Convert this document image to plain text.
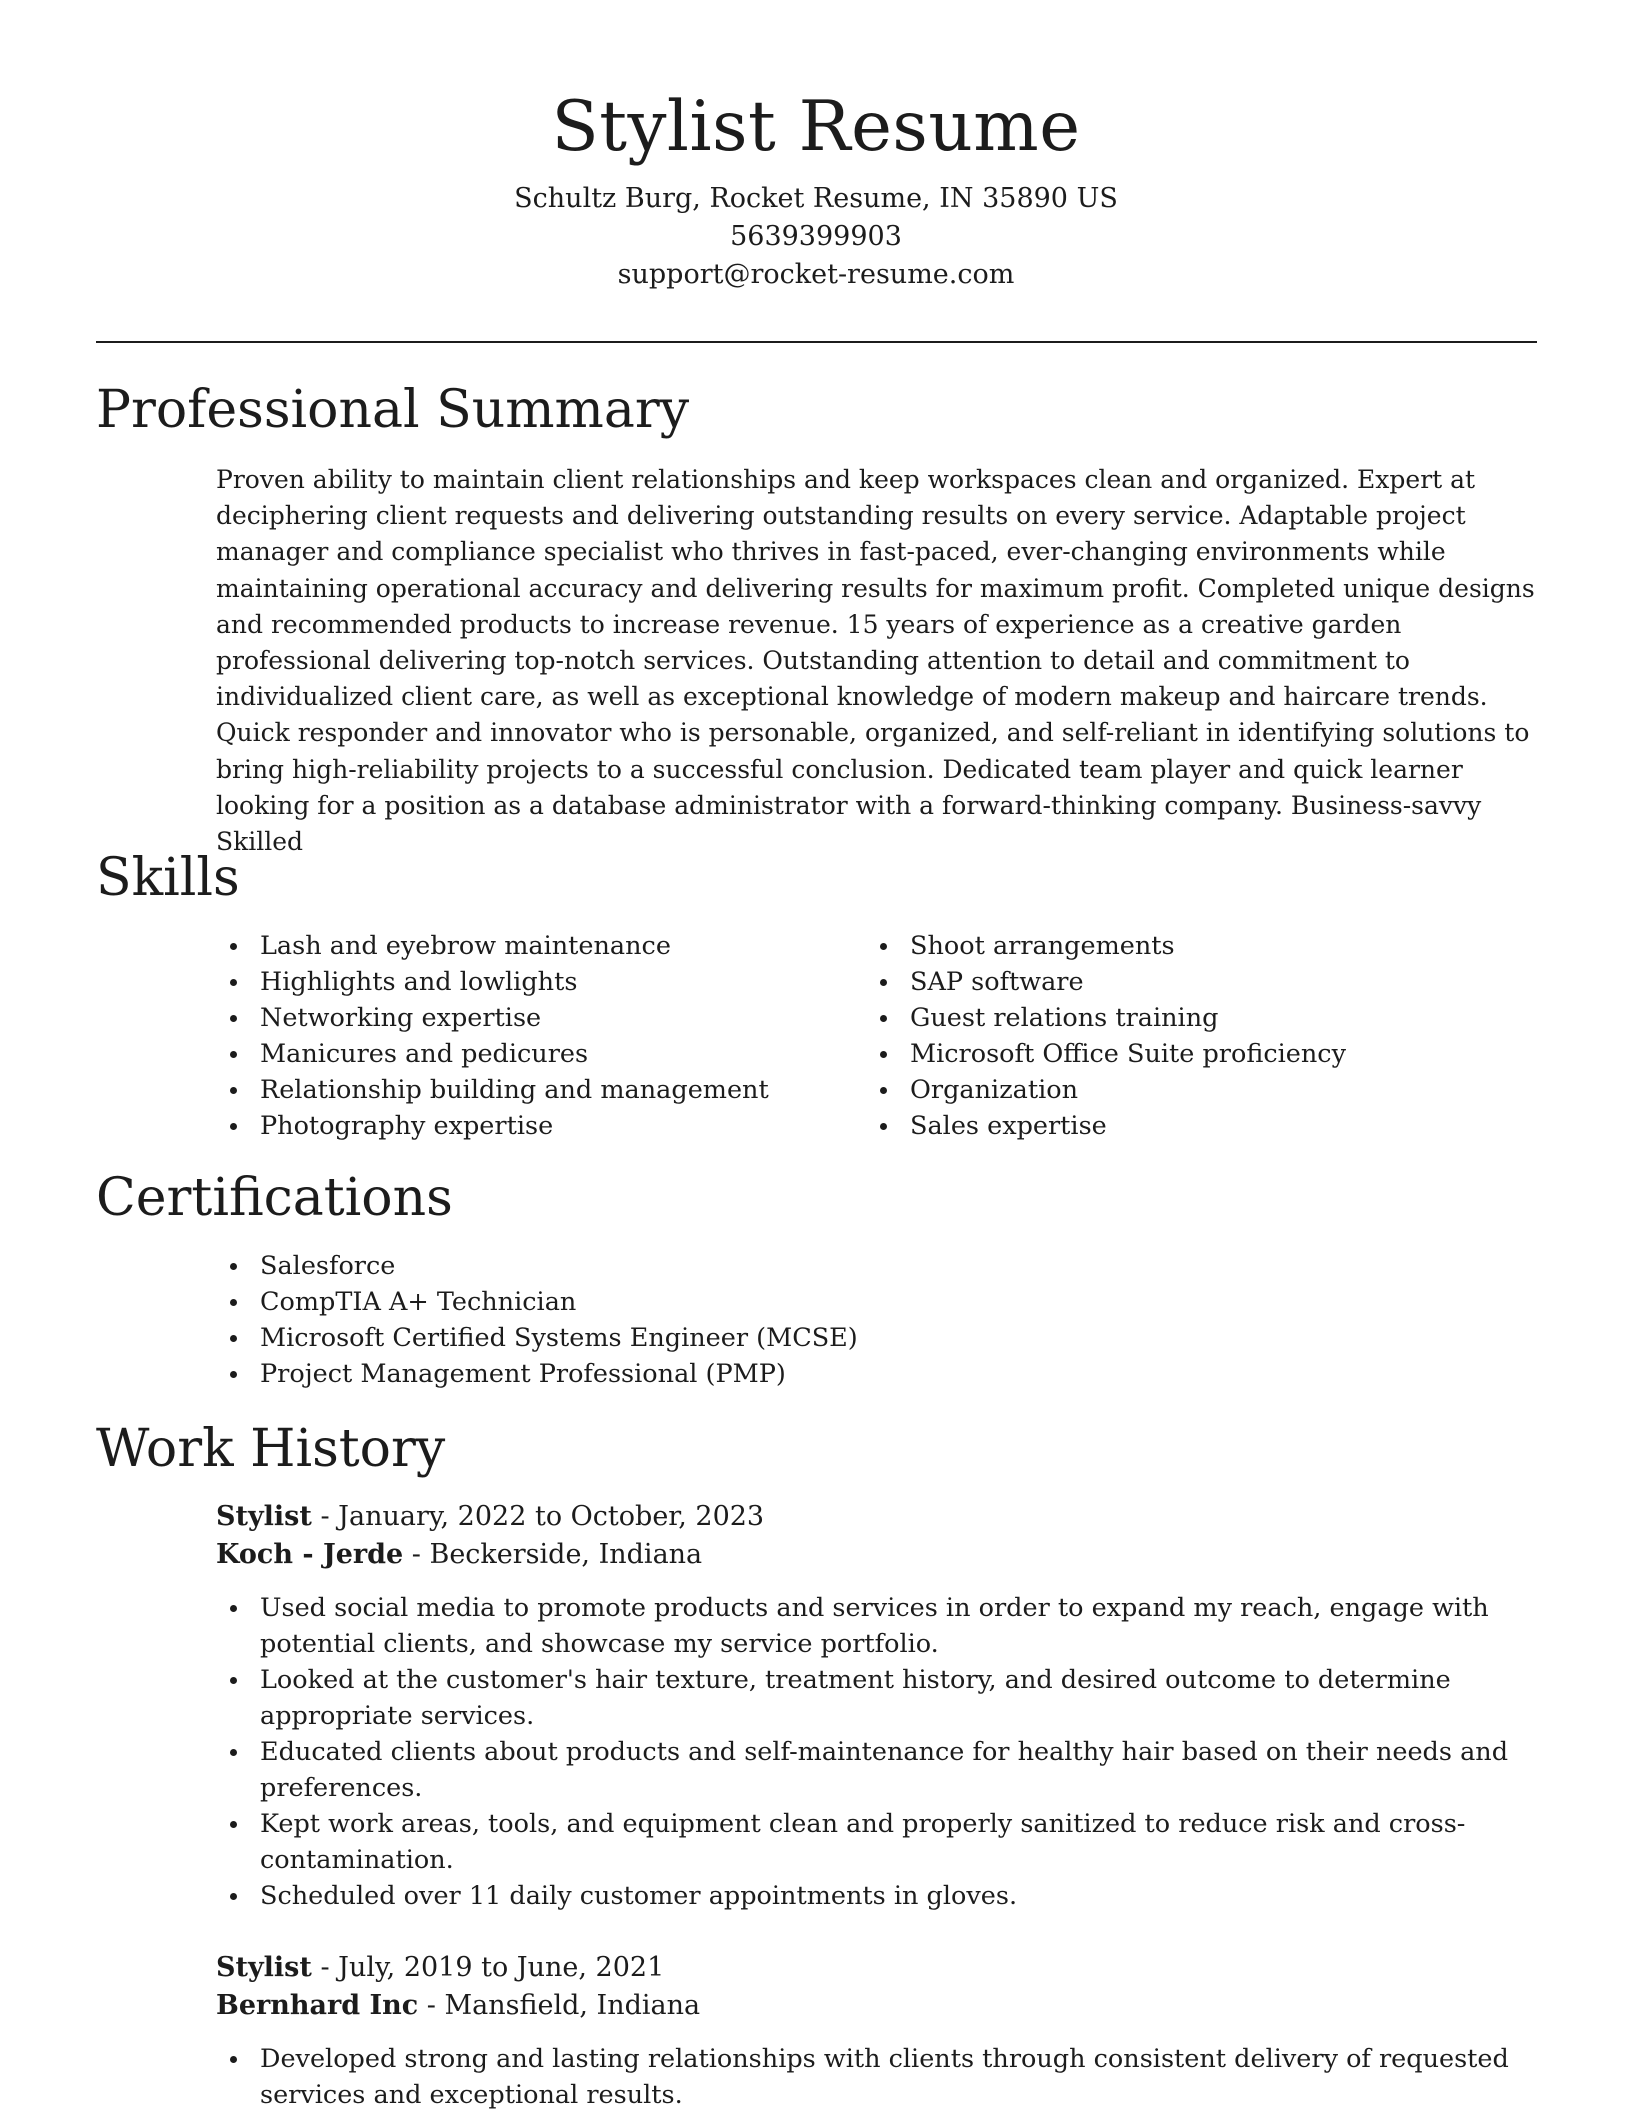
Stylist Resume
Schultz Burg, Rocket Resume, IN 35890 US
5639399903
support@rocket-resume.com
Professional Summary

Proven ability to maintain client relationships and keep workspaces clean and organized. Expert at deciphering client requests and delivering outstanding results on every service. Adaptable project manager and compliance specialist who thrives in fast-paced, ever-changing environments while maintaining operational accuracy and delivering results for maximum profit. Completed unique designs and recommended products to increase revenue. 15 years of experience as a creative garden professional delivering top-notch services. Outstanding attention to detail and commitment to individualized client care, as well as exceptional knowledge of modern makeup and haircare trends. Quick responder and innovator who is personable, organized, and self-reliant in identifying solutions to bring high-reliability projects to a successful conclusion. Dedicated team player and quick learner looking for a position as a database administrator with a forward-thinking company. Business-savvy Skilled

Skills
Lash and eyebrow maintenance
Highlights and lowlights
Networking expertise
Manicures and pedicures
Relationship building and management
Photography expertise
Shoot arrangements
SAP software
Guest relations training
Microsoft Office Suite proficiency
Organization
Sales expertise
Certifications
Salesforce
CompTIA A+ Technician
Microsoft Certified Systems Engineer (MCSE)
Project Management Professional (PMP)
Work History
Stylist - January, 2022 to October, 2023
Koch - Jerde - Beckerside, Indiana
Used social media to promote products and services in order to expand my reach, engage with potential clients, and showcase my service portfolio.
Looked at the customer's hair texture, treatment history, and desired outcome to determine appropriate services.
Educated clients about products and self-maintenance for healthy hair based on their needs and preferences.
Kept work areas, tools, and equipment clean and properly sanitized to reduce risk and cross-contamination.
Scheduled over 11 daily customer appointments in gloves.
Stylist - July, 2019 to June, 2021
Bernhard Inc - Mansfield, Indiana
Developed strong and lasting relationships with clients through consistent delivery of requested services and exceptional results.
